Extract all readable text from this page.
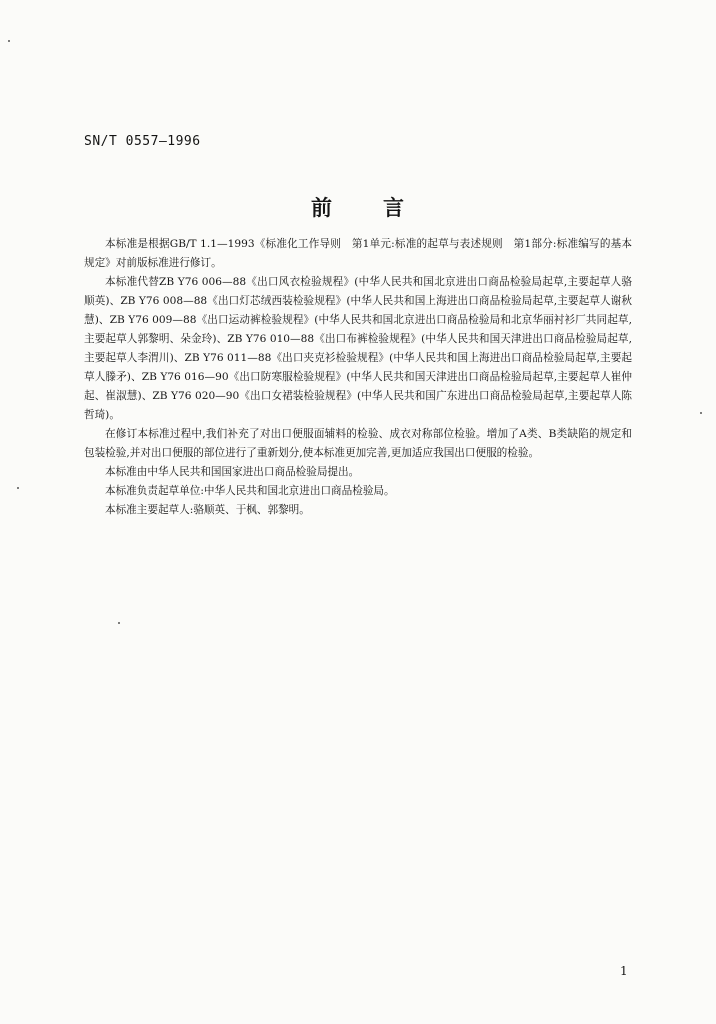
SN/T 0557—1996
前 言

本标准是根据GB/T 1.1—1993《标准化工作导则　第1单元:标准的起草与表述规则　第1部分:标准编写的基本规定》对前版标准进行修订。

本标准代替ZB Y76 006—88《出口风衣检验规程》(中华人民共和国北京进出口商品检验局起草,主要起草人骆顺英)、ZB Y76 008—88《出口灯芯绒西装检验规程》(中华人民共和国上海进出口商品检验局起草,主要起草人谢秋慧)、ZB Y76 009—88《出口运动裤检验规程》(中华人民共和国北京进出口商品检验局和北京华丽衬衫厂共同起草,主要起草人郭黎明、朵金玲)、ZB Y76 010—88《出口布裤检验规程》(中华人民共和国天津进出口商品检验局起草,主要起草人李渭川)、ZB Y76 011—88《出口夹克衫检验规程》(中华人民共和国上海进出口商品检验局起草,主要起草人滕矛)、ZB Y76 016—90《出口防寒服检验规程》(中华人民共和国天津进出口商品检验局起草,主要起草人崔仲起、崔淑慧)、ZB Y76 020—90《出口女裙装检验规程》(中华人民共和国广东进出口商品检验局起草,主要起草人陈哲琦)。

在修订本标准过程中,我们补充了对出口便服面辅料的检验、成衣对称部位检验。增加了A类、B类缺陷的规定和包装检验,并对出口便服的部位进行了重新划分,使本标准更加完善,更加适应我国出口便服的检验。

本标准由中华人民共和国国家进出口商品检验局提出。

本标准负责起草单位:中华人民共和国北京进出口商品检验局。

本标准主要起草人:骆顺英、于枫、郭黎明。

1
